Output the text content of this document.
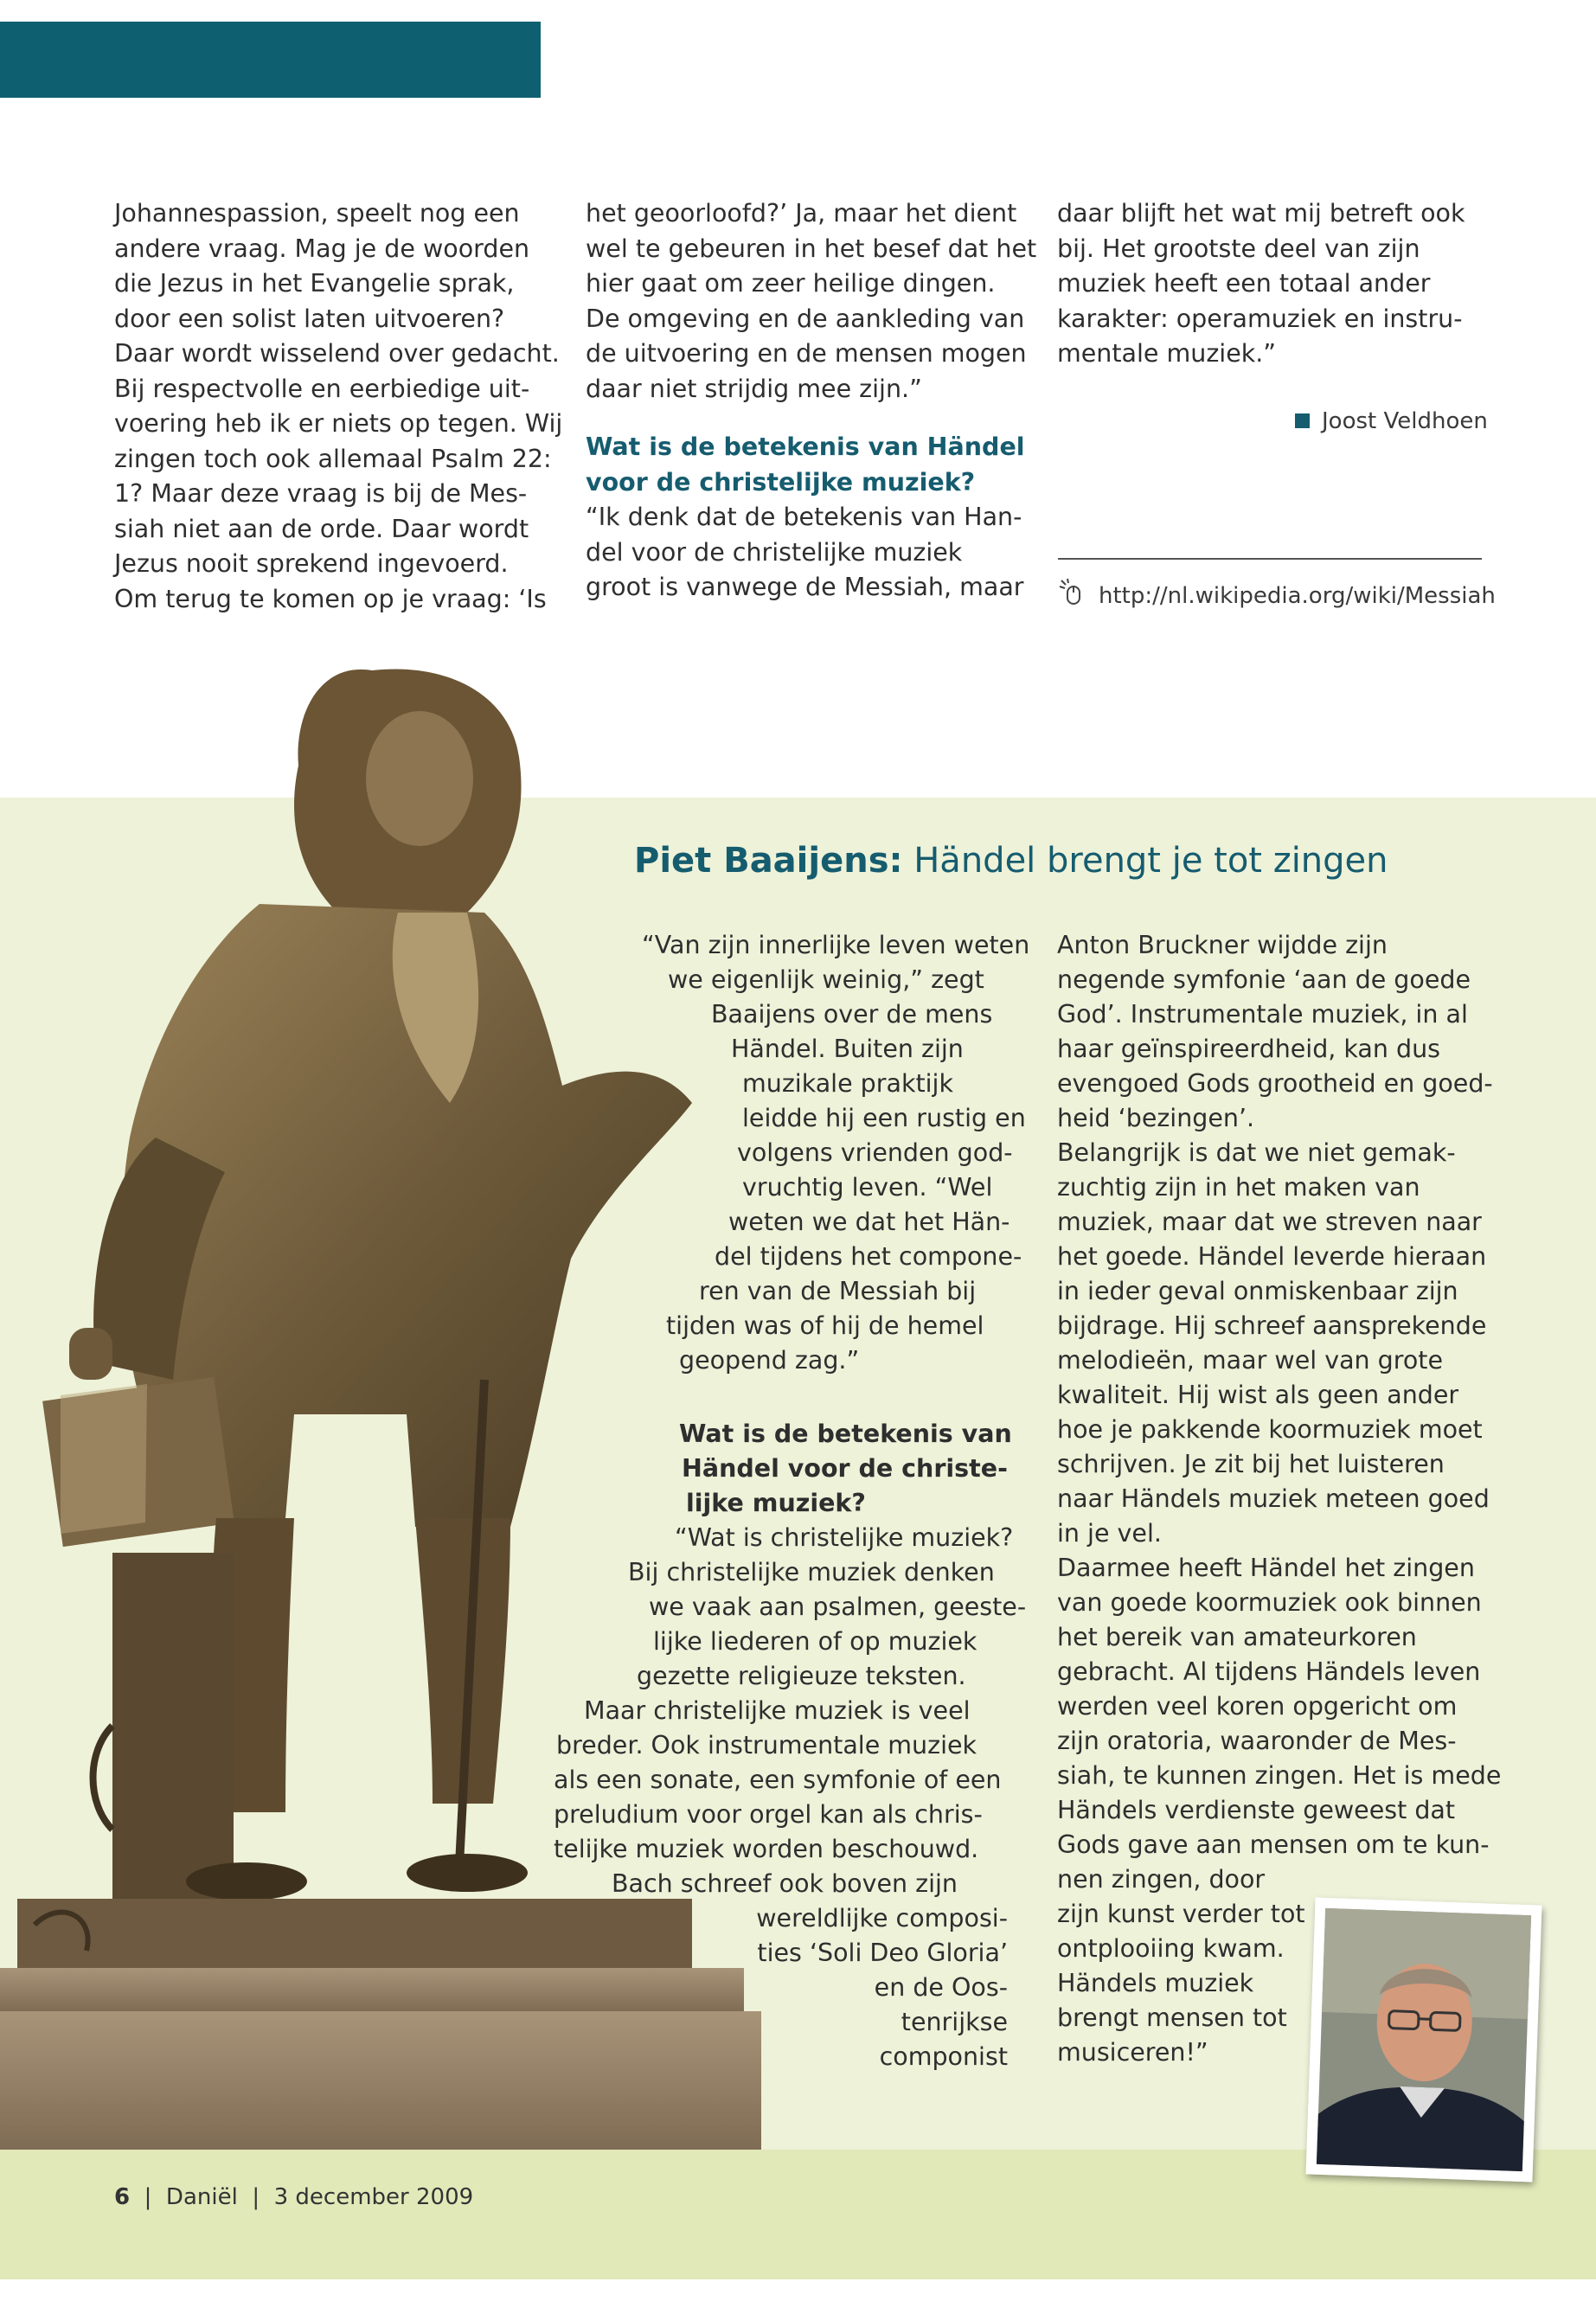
Johannespassion, speelt nog een
andere vraag. Mag je de woorden
die Jezus in het Evangelie sprak,
door een solist laten uitvoeren?
Daar wordt wisselend over gedacht.
Bij respectvolle en eerbiedige uit-
voering heb ik er niets op tegen. Wij
zingen toch ook allemaal Psalm 22:
1? Maar deze vraag is bij de Mes-
siah niet aan de orde. Daar wordt
Jezus nooit sprekend ingevoerd.
Om terug te komen op je vraag: ‘Is
het geoorloofd?’ Ja, maar het dient
wel te gebeuren in het besef dat het
hier gaat om zeer heilige dingen.
De omgeving en de aankleding van
de uitvoering en de mensen mogen
daar niet strijdig mee zijn.”
Wat is de betekenis van Händel
voor de christelijke muziek?
“Ik denk dat de betekenis van Han-
del voor de christelijke muziek
groot is vanwege de Messiah, maar
daar blijft het wat mij betreft ook
bij. Het grootste deel van zijn
muziek heeft een totaal ander
karakter: operamuziek en instru-
mentale muziek.”
Joost Veldhoen
http://nl.wikipedia.org/wiki/Messiah
Piet Baaijens: Händel brengt je tot zingen
“Van zijn innerlijke leven weten
we eigenlijk weinig,” zegt
Baaijens over de mens
Händel. Buiten zijn
muzikale praktijk
leidde hij een rustig en
volgens vrienden god-
vruchtig leven. “Wel
weten we dat het Hän-
del tijdens het compone-
ren van de Messiah bij
tijden was of hij de hemel
geopend zag.”
Wat is de betekenis van
Händel voor de christe-
lijke muziek?
“Wat is christelijke muziek?
Bij christelijke muziek denken
we vaak aan psalmen, geeste-
lijke liederen of op muziek
gezette religieuze teksten.
Maar christelijke muziek is veel
breder. Ook instrumentale muziek
als een sonate, een symfonie of een
preludium voor orgel kan als chris-
telijke muziek worden beschouwd.
Bach schreef ook boven zijn
wereldlijke composi-
ties ‘Soli Deo Gloria’
en de Oos-
tenrijkse
componist
Anton Bruckner wijdde zijn
negende symfonie ‘aan de goede
God’. Instrumentale muziek, in al
haar geïnspireerdheid, kan dus
evengoed Gods grootheid en goed-
heid ‘bezingen’.
Belangrijk is dat we niet gemak-
zuchtig zijn in het maken van
muziek, maar dat we streven naar
het goede. Händel leverde hieraan
in ieder geval onmiskenbaar zijn
bijdrage. Hij schreef aansprekende
melodieën, maar wel van grote
kwaliteit. Hij wist als geen ander
hoe je pakkende koormuziek moet
schrijven. Je zit bij het luisteren
naar Händels muziek meteen goed
in je vel.
Daarmee heeft Händel het zingen
van goede koormuziek ook binnen
het bereik van amateurkoren
gebracht. Al tijdens Händels leven
werden veel koren opgericht om
zijn oratoria, waaronder de Mes-
siah, te kunnen zingen. Het is mede
Händels verdienste geweest dat
Gods gave aan mensen om te kun-
nen zingen, door
zijn kunst verder tot
ontplooiing kwam.
Händels muziek
brengt mensen tot
musiceren!”
6  |  Daniël  |  3 december 2009
